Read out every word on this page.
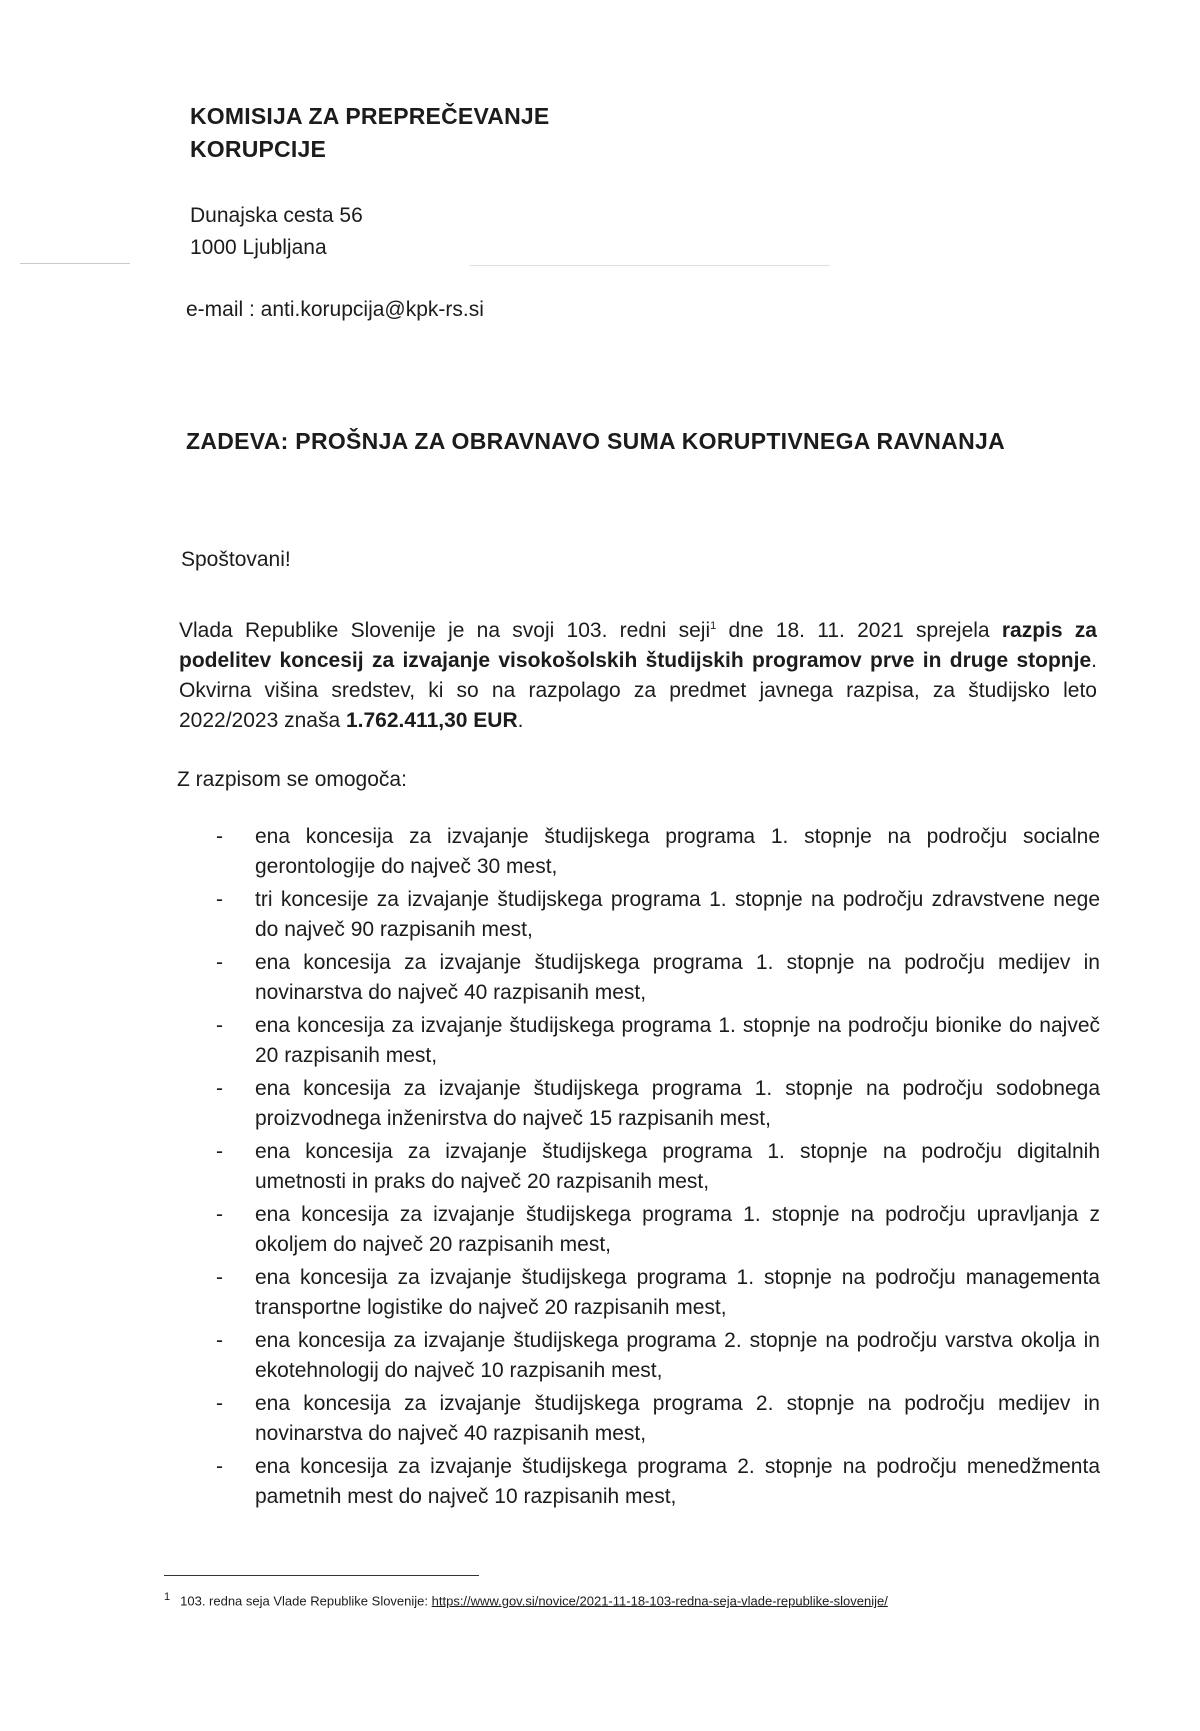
KOMISIJA ZA PREPREČEVANJE
KORUPCIJE
Dunajska cesta 56
1000 Ljubljana
e-mail : anti.korupcija@kpk-rs.si
ZADEVA: PROŠNJA ZA OBRAVNAVO SUMA KORUPTIVNEGA RAVNANJA
Spoštovani!
Vlada Republike Slovenije je na svoji 103. redni seji$^1$ dne 18. 11. 2021 sprejela razpis za podelitev koncesij za izvajanje visokošolskih študijskih programov prve in druge stopnje. Okvirna višina sredstev, ki so na razpolago za predmet javnega razpisa, za študijsko leto 2022/2023 znaša 1.762.411,30 EUR.
Z razpisom se omogoča:
- ena koncesija za izvajanje študijskega programa 1. stopnje na področju socialne gerontologije do največ 30 mest,
- tri koncesije za izvajanje študijskega programa 1. stopnje na področju zdravstvene nege do največ 90 razpisanih mest,
- ena koncesija za izvajanje študijskega programa 1. stopnje na področju medijev in novinarstva do največ 40 razpisanih mest,
- ena koncesija za izvajanje študijskega programa 1. stopnje na področju bionike do največ 20 razpisanih mest,
- ena koncesija za izvajanje študijskega programa 1. stopnje na področju sodobnega proizvodnega inženirstva do največ 15 razpisanih mest,
- ena koncesija za izvajanje študijskega programa 1. stopnje na področju digitalnih umetnosti in praks do največ 20 razpisanih mest,
- ena koncesija za izvajanje študijskega programa 1. stopnje na področju upravljanja z okoljem do največ 20 razpisanih mest,
- ena koncesija za izvajanje študijskega programa 1. stopnje na področju managementa transportne logistike do največ 20 razpisanih mest,
- ena koncesija za izvajanje študijskega programa 2. stopnje na področju varstva okolja in ekotehnologij do največ 10 razpisanih mest,
- ena koncesija za izvajanje študijskega programa 2. stopnje na področju medijev in novinarstva do največ 40 razpisanih mest,
- ena koncesija za izvajanje študijskega programa 2. stopnje na področju menedžmenta pametnih mest do največ 10 razpisanih mest,
$^1$ 103. redna seja Vlade Republike Slovenije: https://www.gov.si/novice/2021-11-18-103-redna-seja-vlade-republike-slovenije/
